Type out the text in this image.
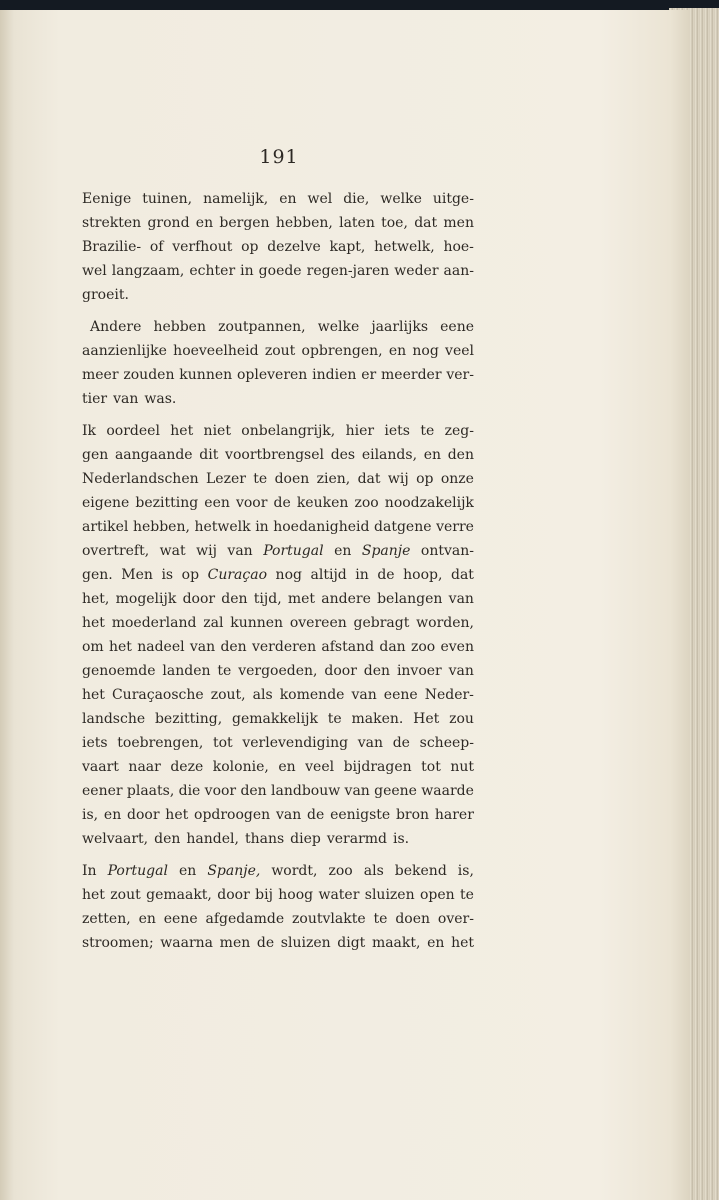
191
Eenige tuinen, namelijk, en wel die, welke uitge-
strekten grond en bergen hebben, laten toe, dat men
Brazilie- of verfhout op dezelve kapt, hetwelk, hoe-
wel langzaam, echter in goede regen-jaren weder aan-
groeit.
Andere hebben zoutpannen, welke jaarlijks eene
aanzienlijke hoeveelheid zout opbrengen, en nog veel
meer zouden kunnen opleveren indien er meerder ver-
tier van was.
Ik oordeel het niet onbelangrijk, hier iets te zeg-
gen aangaande dit voortbrengsel des eilands, en den
Nederlandschen Lezer te doen zien, dat wij op onze
eigene bezitting een voor de keuken zoo noodzakelijk
artikel hebben, hetwelk in hoedanigheid datgene verre
overtreft, wat wij van Portugal en Spanje ontvan-
gen. Men is op Curaçao nog altijd in de hoop, dat
het, mogelijk door den tijd, met andere belangen van
het moederland zal kunnen overeen gebragt worden,
om het nadeel van den verderen afstand dan zoo even
genoemde landen te vergoeden, door den invoer van
het Curaçaosche zout, als komende van eene Neder-
landsche bezitting, gemakkelijk te maken. Het zou
iets toebrengen, tot verlevendiging van de scheep-
vaart naar deze kolonie, en veel bijdragen tot nut
eener plaats, die voor den landbouw van geene waarde
is, en door het opdroogen van de eenigste bron harer
welvaart, den handel, thans diep verarmd is.
In Portugal en Spanje, wordt, zoo als bekend is,
het zout gemaakt, door bij hoog water sluizen open te
zetten, en eene afgedamde zoutvlakte te doen over-
stroomen; waarna men de sluizen digt maakt, en het
